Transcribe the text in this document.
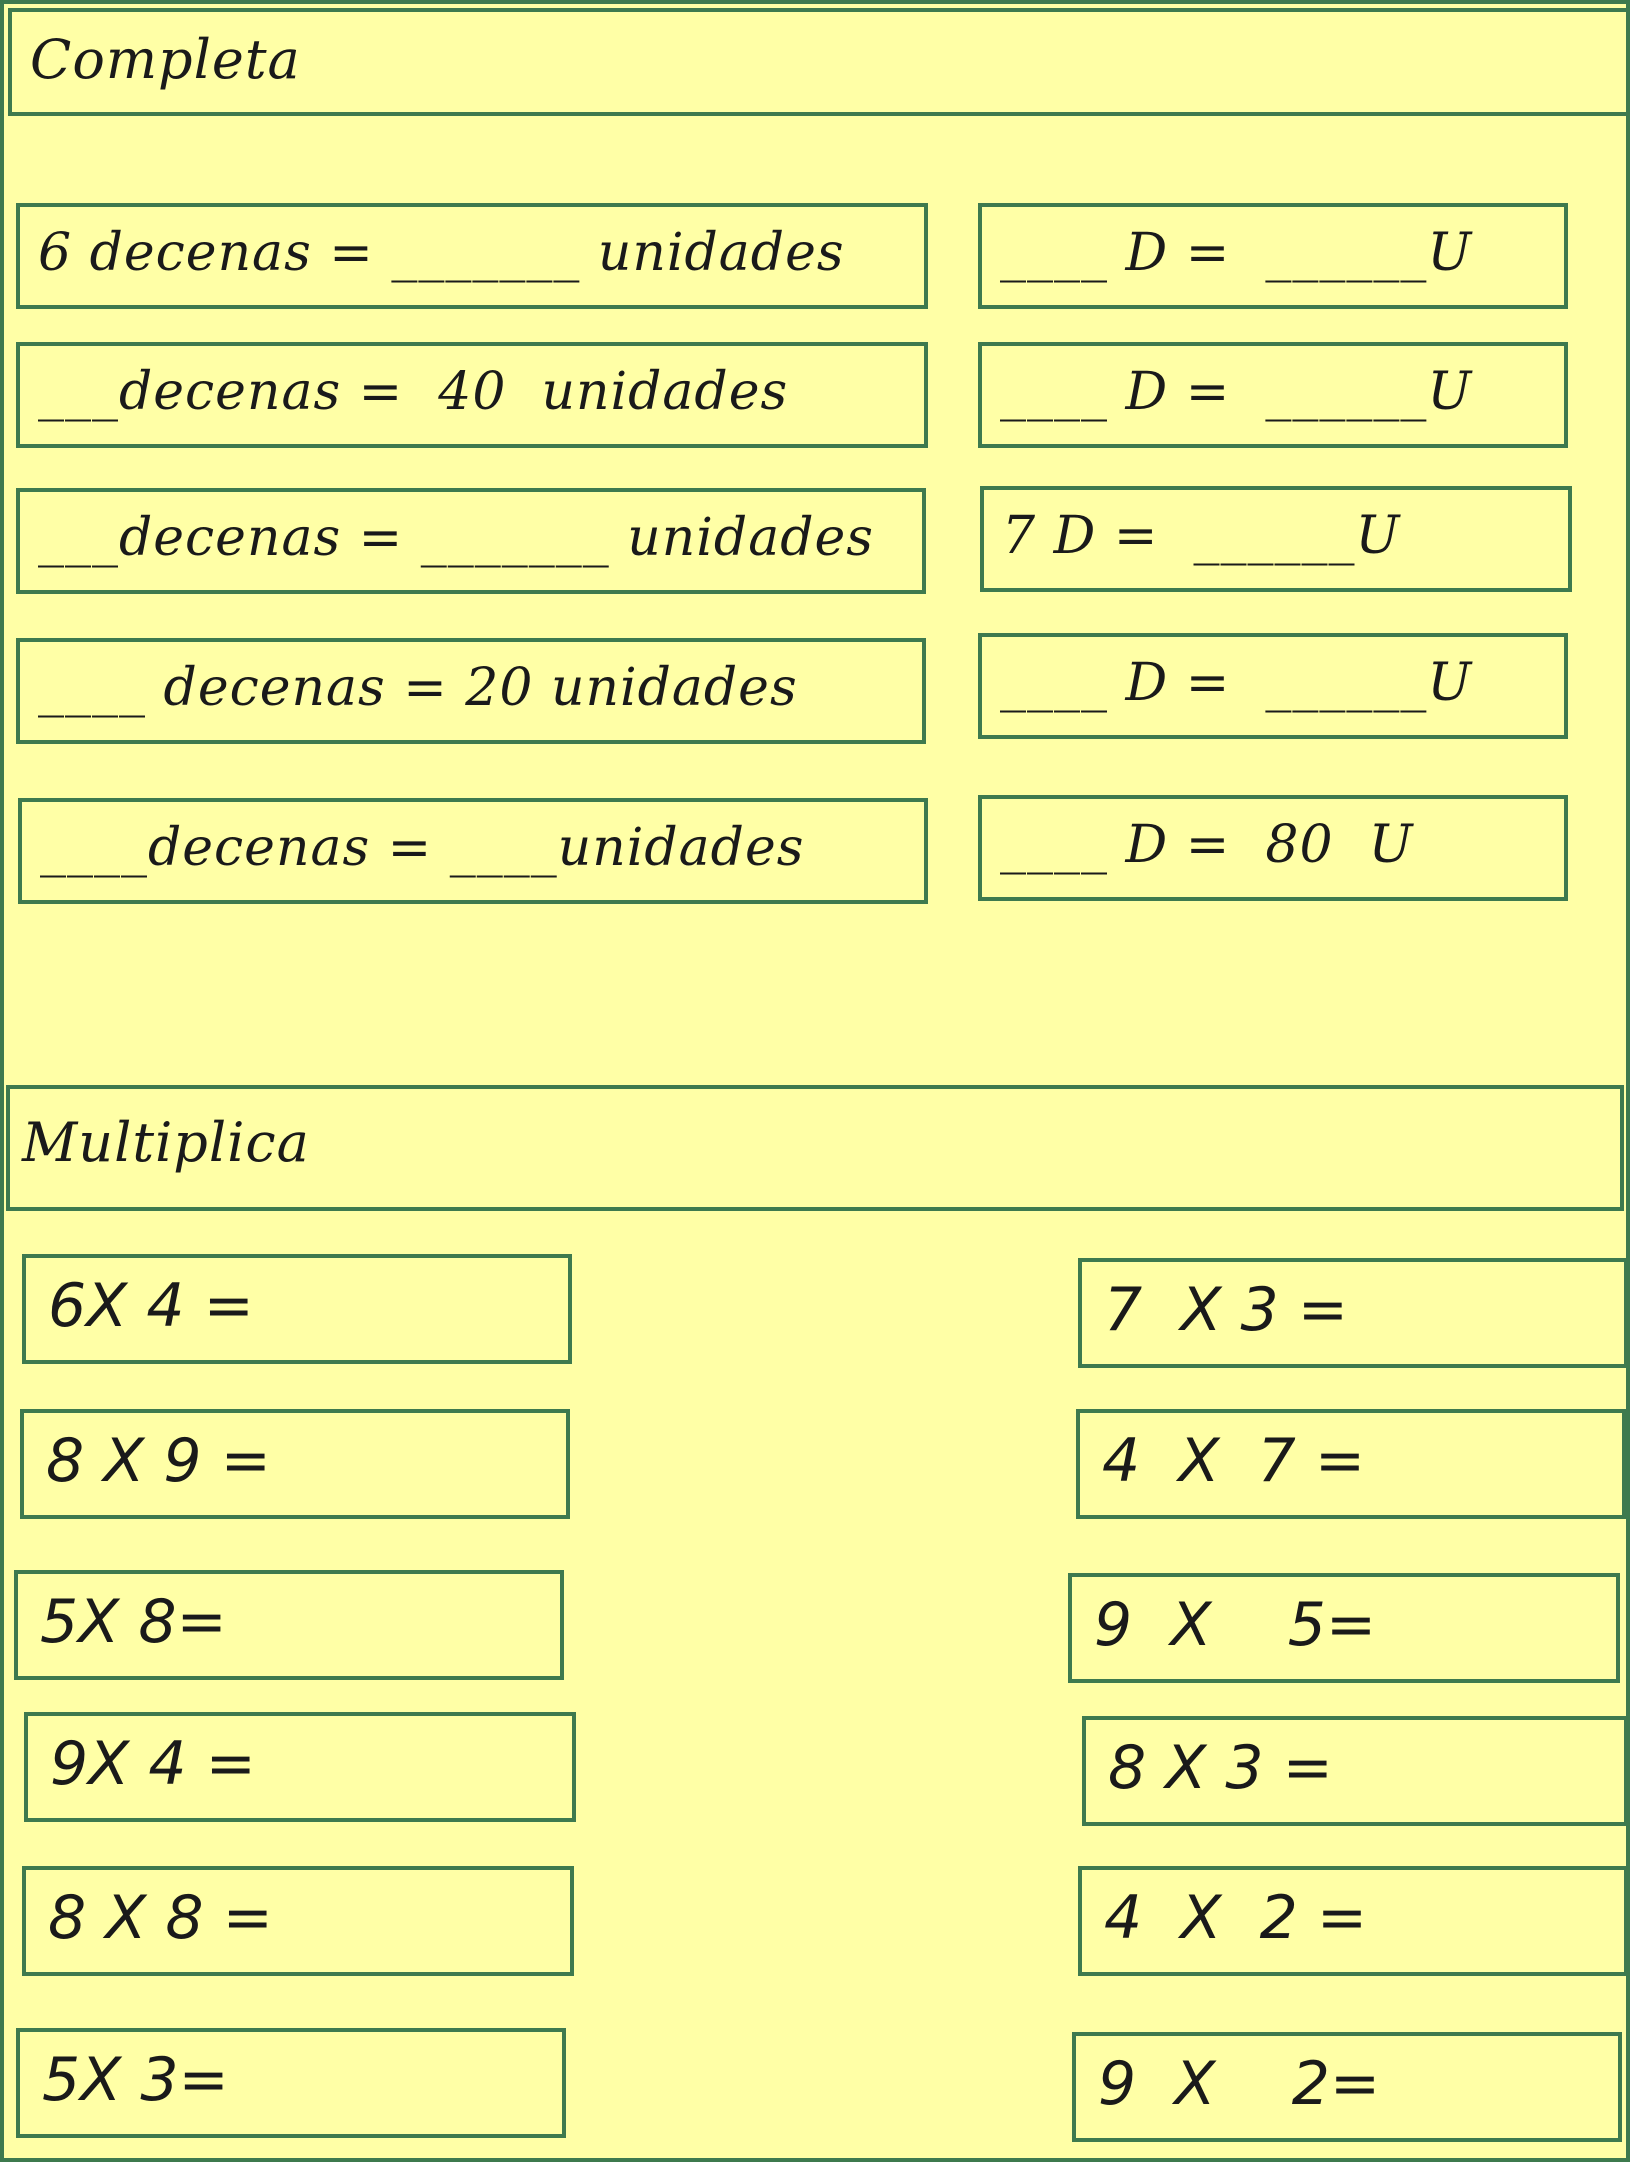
Completa
6 decenas = _______ unidades
___decenas =  40  unidades
___decenas = _______ unidades
____ decenas = 20 unidades
____decenas = ____unidades
____ D =  ______U
____ D =  ______U
7 D =  ______U
____ D =  ______U
____ D =  80  U
Multiplica
6X 4 =
8 X 9 =
5X 8=
9X 4 =
8 X 8 =
5X 3=
7  X 3 =
4  X  7 =
9  X    5=
8 X 3 =
4  X  2 =
9  X    2=
